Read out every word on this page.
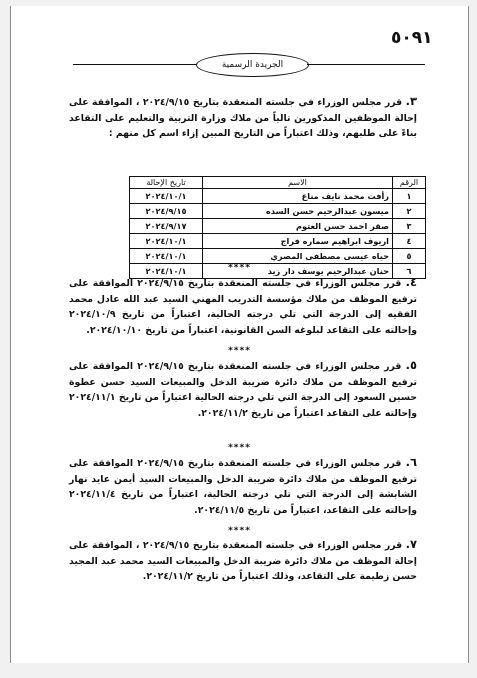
٥٠٩١
الجريدة الرسمية
٣. قرر مجلس الوزراء في جلسته المنعقدة بتاريخ ٢٠٢٤/٩/١٥ ، الموافقة على إحالة الموظفين المذكورين تالياً من ملاك وزارة التربية والتعليم على التقاعد بناءً على طلبهم، وذلك اعتباراً من التاريخ المبين إزاء اسم كل منهم :
الرقم	الاسم	تاريخ الإحالة
١	رأفت محمد نايف مناع	٢٠٢٤/١٠/١
٢	ميسون عبدالرحيم حسن السده	٢٠٢٤/٩/١٥
٣	صقر احمد حسن العتوم	٢٠٢٤/٩/١٧
٤	اريوف ابراهيم سماره فراج	٢٠٢٤/١٠/١
٥	حياه عيسى مصطفى المصري	٢٠٢٤/١٠/١
٦	حنان عبدالرحيم يوسف دار زيد	٢٠٢٤/١٠/١	****
٤. قرر مجلس الوزراء في جلسته المنعقدة بتاريخ ٢٠٢٤/٩/١٥ الموافقة على ترفيع الموظف من ملاك مؤسسة التدريب المهني السيد عبد الله عادل محمد الفقيه إلى الدرجة التي تلي درجته الحالية، اعتباراً من تاريخ ٢٠٢٤/١٠/٩ وإحالته على التقاعد لبلوغه السن القانونية، اعتباراً من تاريخ ٢٠٢٤/١٠/١٠.
****
٥. قرر مجلس الوزراء في جلسته المنعقدة بتاريخ ٢٠٢٤/٩/١٥ الموافقة على ترفيع الموظف من ملاك دائرة ضريبة الدخل والمبيعات السيد حسن عطوة حسين السعود إلى الدرجة التي تلي درجته الحالية اعتباراً من تاريخ ٢٠٢٤/١١/١ وإحالته على التقاعد اعتباراً من تاريخ ٢٠٢٤/١١/٢.
****
٦. قرر مجلس الوزراء في جلسته المنعقدة بتاريخ ٢٠٢٤/٩/١٥ الموافقة على ترفيع الموظف من ملاك دائرة ضريبة الدخل والمبيعات السيد أيمن عايد نهار الشابشة إلى الدرجة التي تلي درجته الحالية، اعتباراً من تاريخ ٢٠٢٤/١١/٤ وإحالته على التقاعد، اعتباراً من تاريخ ٢٠٢٤/١١/٥.
****
٧. قرر مجلس الوزراء في جلسته المنعقدة بتاريخ ٢٠٢٤/٩/١٥ ، الموافقة على إحالة الموظف من ملاك دائرة ضريبة الدخل والمبيعات السيد محمد عبد المجيد حسن زطيمة على التقاعد، وذلك اعتباراً من تاريخ ٢٠٢٤/١١/٢.
